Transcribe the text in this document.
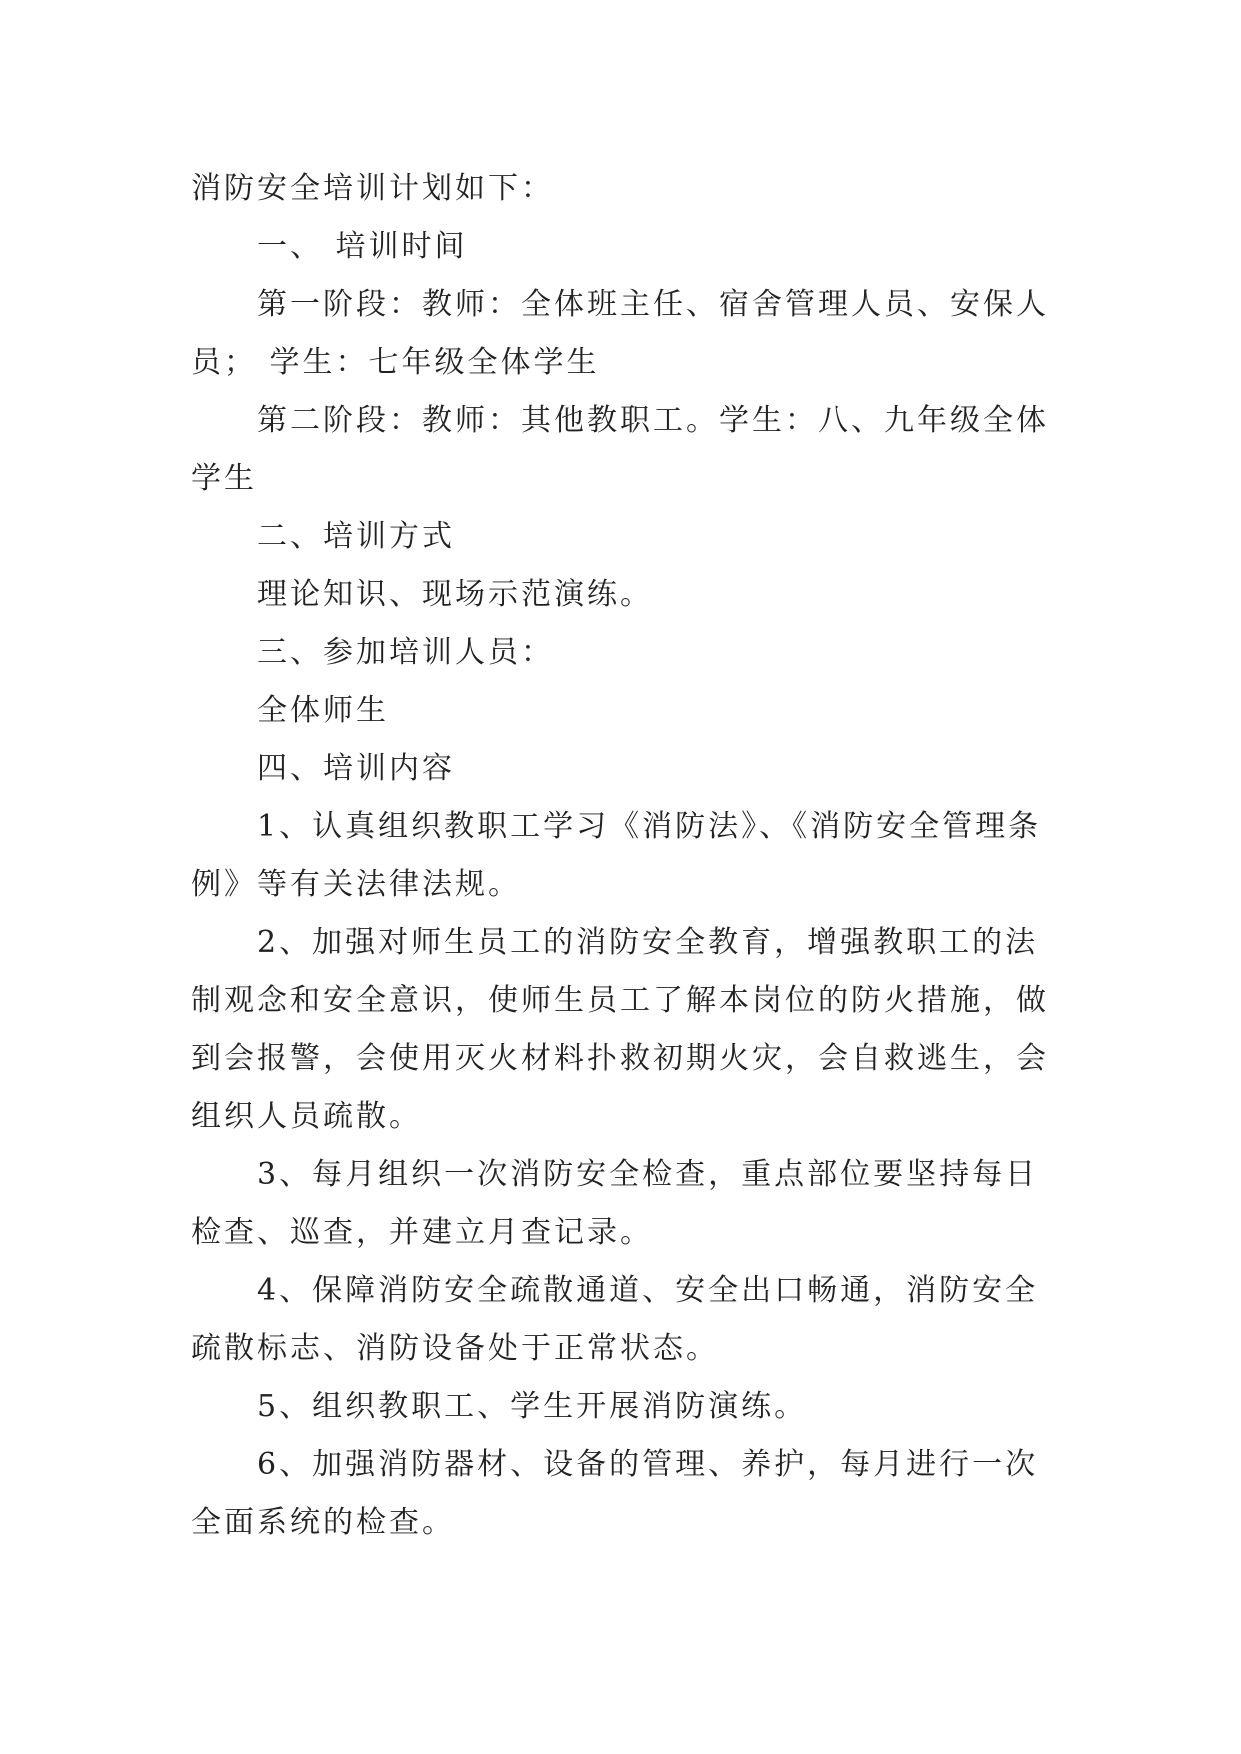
消防安全培训计划如下：

一、 培训时间

第一阶段：教师：全体班主任、宿舍管理人员、安保人员； 学生：七年级全体学生

第二阶段：教师：其他教职工。学生：八、九年级全体学生

二、培训方式

理论知识、现场示范演练。

三、参加培训人员：

全体师生

四、培训内容

1、认真组织教职工学习《消防法》、《消防安全管理条例》等有关法律法规。

2、加强对师生员工的消防安全教育，增强教职工的法制观念和安全意识，使师生员工了解本岗位的防火措施，做到会报警，会使用灭火材料扑救初期火灾，会自救逃生，会组织人员疏散。

3、每月组织一次消防安全检查，重点部位要坚持每日检查、巡查，并建立月查记录。

4、保障消防安全疏散通道、安全出口畅通，消防安全疏散标志、消防设备处于正常状态。

5、组织教职工、学生开展消防演练。

6、加强消防器材、设备的管理、养护，每月进行一次全面系统的检查。
